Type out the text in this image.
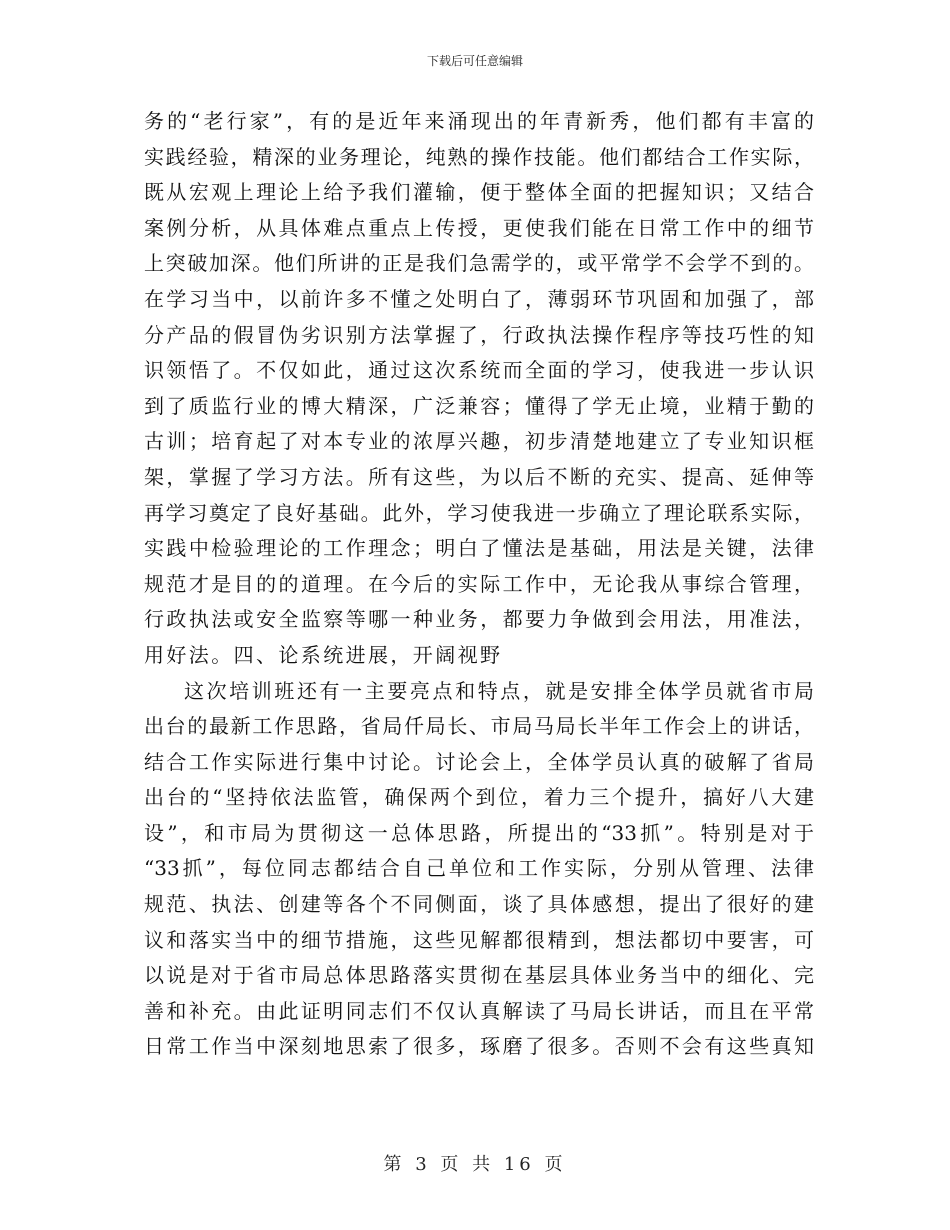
下载后可任意编辑
务的“老行家”，有的是近年来涌现出的年青新秀，他们都有丰富的
实践经验，精深的业务理论，纯熟的操作技能。他们都结合工作实际，
既从宏观上理论上给予我们灌输，便于整体全面的把握知识；又结合
案例分析，从具体难点重点上传授，更使我们能在日常工作中的细节
上突破加深。他们所讲的正是我们急需学的，或平常学不会学不到的。
在学习当中，以前许多不懂之处明白了，薄弱环节巩固和加强了，部
分产品的假冒伪劣识别方法掌握了，行政执法操作程序等技巧性的知
识领悟了。不仅如此，通过这次系统而全面的学习，使我进一步认识
到了质监行业的博大精深，广泛兼容；懂得了学无止境，业精于勤的
古训；培育起了对本专业的浓厚兴趣，初步清楚地建立了专业知识框
架，掌握了学习方法。所有这些，为以后不断的充实、提高、延伸等
再学习奠定了良好基础。此外，学习使我进一步确立了理论联系实际，
实践中检验理论的工作理念；明白了懂法是基础，用法是关键，法律
规范才是目的的道理。在今后的实际工作中，无论我从事综合管理，
行政执法或安全监察等哪一种业务，都要力争做到会用法，用准法，
用好法。四、论系统进展，开阔视野
这次培训班还有一主要亮点和特点，就是安排全体学员就省市局
出台的最新工作思路，省局仟局长、市局马局长半年工作会上的讲话，
结合工作实际进行集中讨论。讨论会上，全体学员认真的破解了省局
出台的“坚持依法监管，确保两个到位，着力三个提升，搞好八大建
设”，和市局为贯彻这一总体思路，所提出的“33抓”。特别是对于
“33抓”，每位同志都结合自己单位和工作实际，分别从管理、法律
规范、执法、创建等各个不同侧面，谈了具体感想，提出了很好的建
议和落实当中的细节措施，这些见解都很精到，想法都切中要害，可
以说是对于省市局总体思路落实贯彻在基层具体业务当中的细化、完
善和补充。由此证明同志们不仅认真解读了马局长讲话，而且在平常
日常工作当中深刻地思索了很多，琢磨了很多。否则不会有这些真知
第 3 页 共 16 页
